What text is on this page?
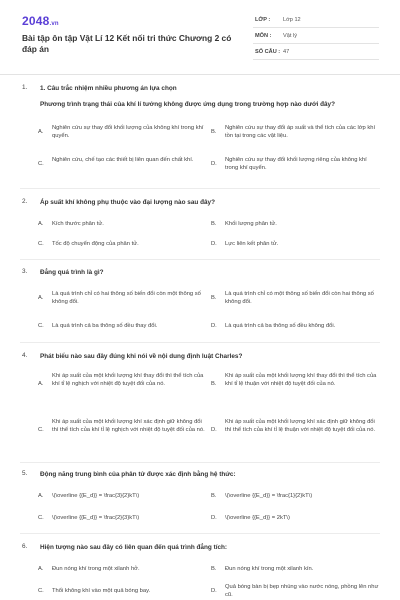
2048.vn
Bài tập ôn tập Vật Lí 12 Kết nối tri thức Chương 2 có đáp án
LỚP : Lớp 12
MÔN : Vật lý
SỐ CÂU : 47
1. 1. Câu trắc nhiệm nhiều phương án lựa chọn
Phương trình trạng thái của khí lí tưởng không được ứng dụng trong trường hợp nào dưới đây?
A.
Nghiên cứu sự thay đổi khối lượng của không khí trong khí quyển.
B.
Nghiên cứu sự thay đổi áp suất và thể tích của các lớp khí tồn tại trong các vật liệu.
C.
Nghiên cứu, chế tạo các thiết bị liên quan đến chất khí.
D.
Nghiên cứu sự thay đổi khối lượng riêng của không khí trong khí quyển.
2. Áp suất khí không phụ thuộc vào đại lượng nào sau đây?
A. Kích thước phân tử.	B. Khối lượng phân tử.
C. Tốc độ chuyển động của phân tử.	D. Lực liên kết phân tử.
3. Đẳng quá trình là gì?
A.
Là quá trình chỉ có hai thông số biến đổi còn một thông số không đổi.
B.
Là quá trình chỉ có một thông số biến đổi còn hai thông số không đổi.
C. Là quá trình cả ba thông số đều thay đổi.	D. Là quá trình cả ba thông số đều không đổi.
4. Phát biểu nào sau đây đúng khi nói về nội dung định luật Charles?
A.
Khi áp suất của một khối lượng khí thay đổi thì thể tích của khí tỉ lệ nghịch với nhiệt độ tuyệt đối của nó.	B.
Khi áp suất của một khối lượng khí thay đổi thì thể tích của khí tỉ lệ thuận với nhiệt độ tuyệt đối của nó.
C.
Khi áp suất của một khối lượng khí xác định giữ không đổi thì thể tích của khí tỉ lệ nghịch với nhiệt độ tuyệt đối của nó.	D.
Khi áp suất của một khối lượng khí xác định giữ không đổi thì thể tích của khí tỉ lệ thuận với nhiệt độ tuyệt đối của nó.
5. Động năng trung bình của phân tử được xác định bằng hệ thức:
A. \(\overline {{E_d}} = \frac{3}{2}kT\)	B. \(\overline {{E_d}} = \frac{1}{2}kT\)
C. \(\overline {{E_d}} = \frac{2}{3}kT\)	D. \(\overline {{E_d}} = 2kT\)
6. Hiện tượng nào sau đây có liên quan đến quá trình đẳng tích:
A. Đun nóng khí trong một xilanh hở.	B. Đun nóng khí trong một xilanh kín.
C. Thổi không khí vào một quả bóng bay.	D.
Quả bóng bàn bị bẹp nhúng vào nước nóng, phồng lên như cũ.
